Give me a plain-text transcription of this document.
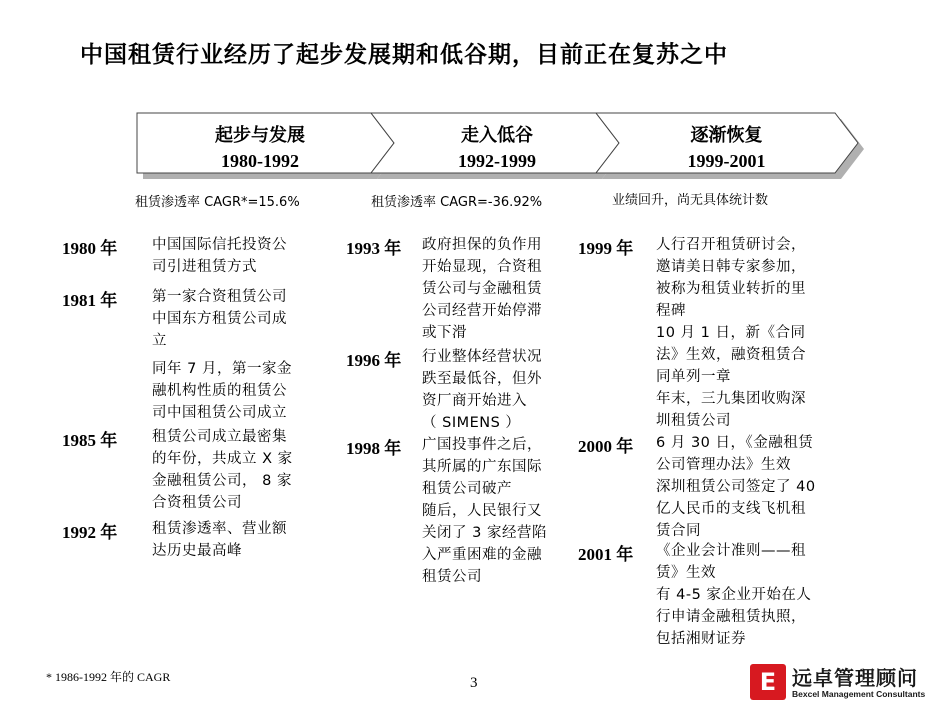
中国租赁行业经历了起步发展期和低谷期，目前正在复苏之中
起步与发展
1980-1992
走入低谷
1992-1999
逐渐恢复
1999-2001
租赁渗透率 CAGR*=15.6%	租赁渗透率 CAGR=-36.92%	业绩回升，尚无具体统计数
1980 年 中国国际信托投资公
司引进租赁方式

1981 年 第一家合资租赁公司
中国东方租赁公司成
立

同年 7 月，第一家金
融机构性质的租赁公
司中国租赁公司成立

1985 年 租赁公司成立最密集
的年份，共成立 X 家
金融租赁公司， 8 家
合资租赁公司

1992 年 租赁渗透率、营业额
达历史最高峰

1993 年 政府担保的负作用
开始显现，合资租
赁公司与金融租赁
公司经营开始停滞
或下滑

1996 年 行业整体经营状况
跌至最低谷，但外
资厂商开始进入
（ SIMENS ）

1998 年 广国投事件之后，
其所属的广东国际
租赁公司破产

随后，人民银行又
关闭了 3 家经营陷
入严重困难的金融
租赁公司

1999 年 人行召开租赁研讨会，
邀请美日韩专家参加，
被称为租赁业转折的里
程碑

10 月 1 日，新《合同
法》生效，融资租赁合
同单列一章

年末，三九集团收购深
圳租赁公司

2000 年 6 月 30 日，《金融租赁
公司管理办法》生效

深圳租赁公司签定了 40
亿人民币的支线飞机租
赁合同

2001 年 《企业会计准则——租
赁》生效

有 4-5 家企业开始在人
行申请金融租赁执照，
包括湘财证券

* 1986-1992 年的 CAGR	3	E 远卓管理顾问
Bexcel Management Consultants
